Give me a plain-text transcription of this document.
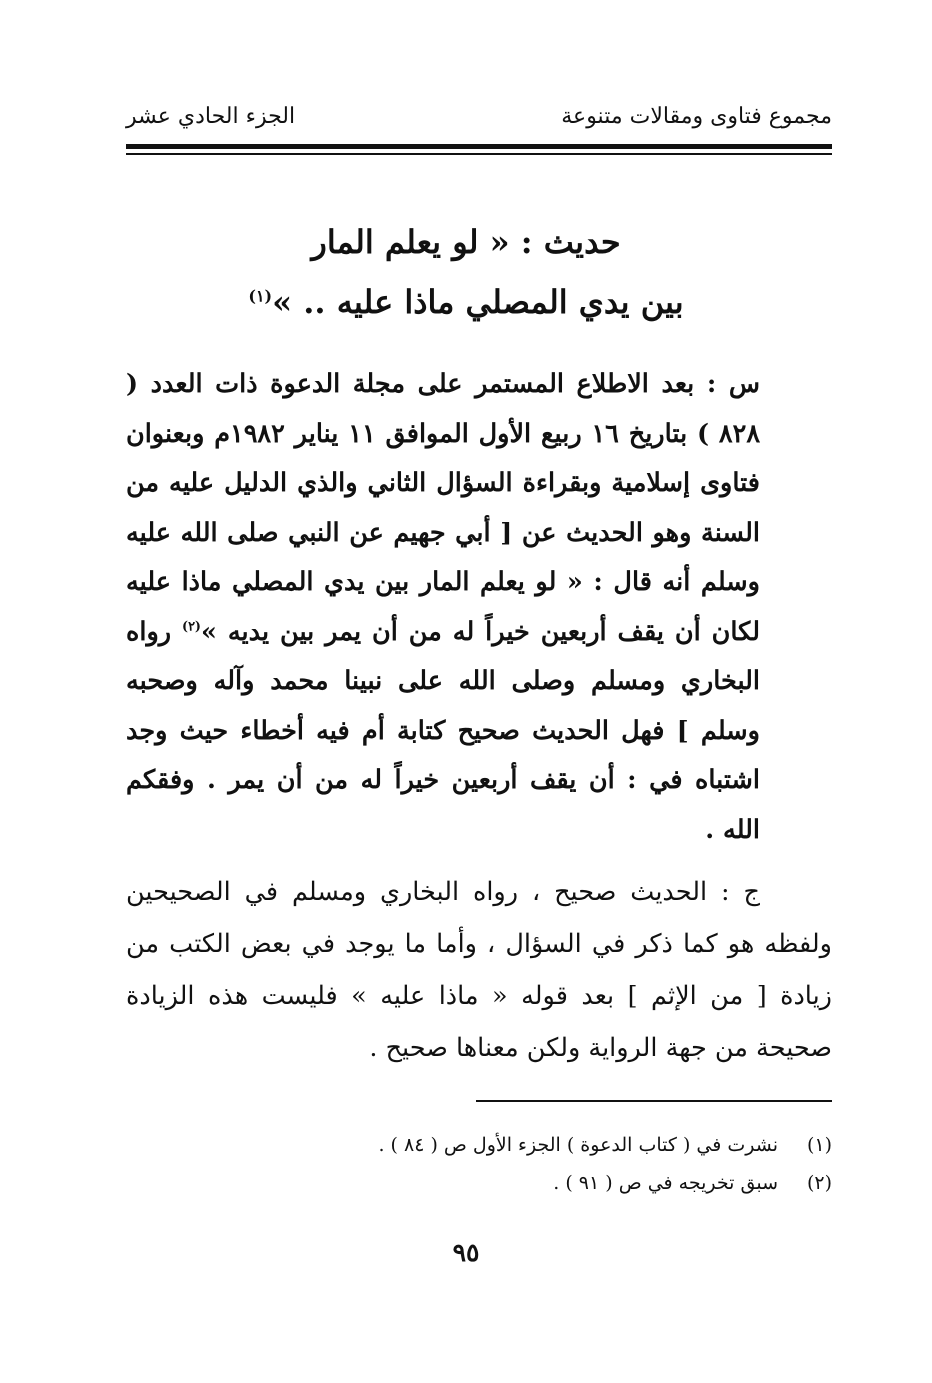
مجموع فتاوى ومقالات متنوعة
الجزء الحادي عشر
حديث : « لو يعلم المار
بين يدي المصلي ماذا عليه .. »$^{(١)}$
س : بعد الاطلاع المستمر على مجلة الدعوة ذات العدد ( ٨٢٨ ) بتاريخ ١٦ ربيع الأول الموافق ١١ يناير ١٩٨٢م وبعنوان فتاوى إسلامية وبقراءة السؤال الثاني والذي الدليل عليه من السنة وهو الحديث عن [ أبي جهيم عن النبي صلى الله عليه وسلم أنه قال : « لو يعلم المار بين يدي المصلي ماذا عليه لكان أن يقف أربعين خيراً له من أن يمر بين يديه »$^{(٢)}$ رواه البخاري ومسلم وصلى الله على نبينا محمد وآله وصحبه وسلم ] فهل الحديث صحيح كتابة أم فيه أخطاء حيث وجد اشتباه في : أن يقف أربعين خيراً له من أن يمر . وفقكم الله .
ج : الحديث صحيح ، رواه البخاري ومسلم في الصحيحين ولفظه هو كما ذكر في السؤال ، وأما ما يوجد في بعض الكتب من زيادة [ من الإثم ] بعد قوله « ماذا عليه » فليست هذه الزيادة صحيحة من جهة الرواية ولكن معناها صحيح .
(١)
نشرت في ( كتاب الدعوة ) الجزء الأول ص ( ٨٤ ) .
(٢)
سبق تخريجه في ص ( ٩١ ) .
٩٥
